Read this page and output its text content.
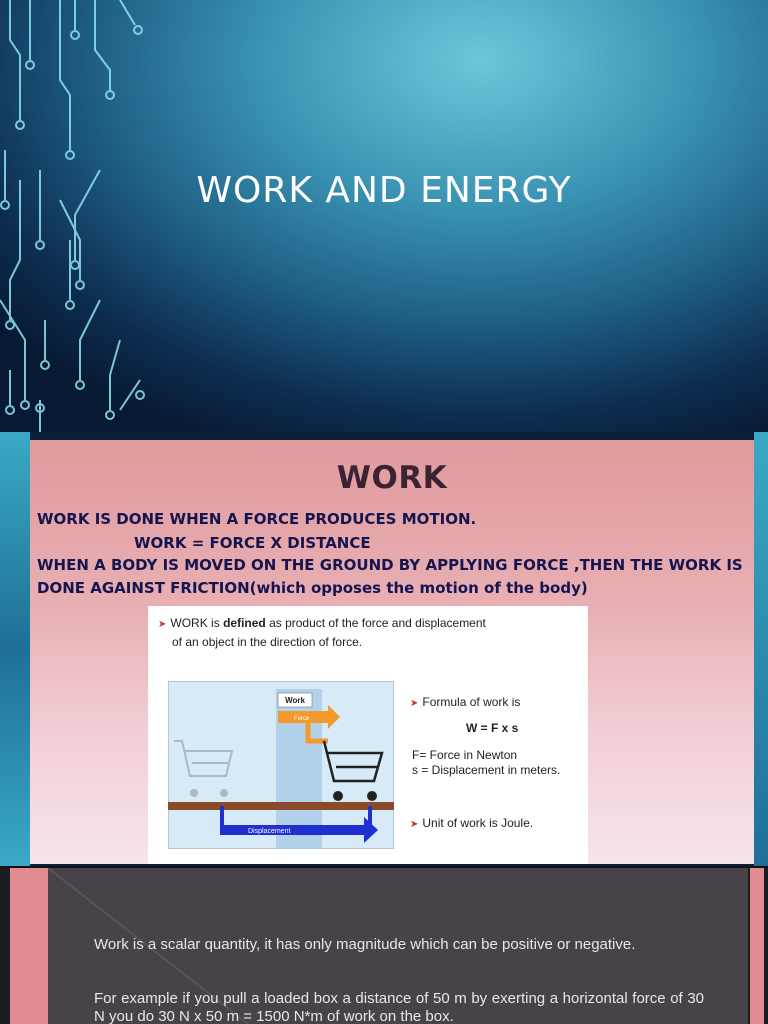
WORK AND ENERGY
WORK
WORK IS DONE WHEN A FORCE PRODUCES MOTION.
WORK = FORCE X DISTANCE
WHEN A BODY IS MOVED ON THE GROUND BY APPLYING FORCE ,THEN THE WORK IS
DONE AGAINST FRICTION(which opposes the motion of the body)
➤ WORK is defined as product of the force and displacement
of an object in the direction of force.
Work
Force
Displacement
➤ Formula of work is
W = F x s
F= Force in Newton
s = Displacement in meters.
➤ Unit of work is Joule.
Work is a scalar quantity, it has only magnitude which can be positive or negative.
For example if you pull a loaded box a distance of 50 m by exerting a horizontal force of 30 N you do 30 N x 50 m = 1500 N*m of work on the box.
